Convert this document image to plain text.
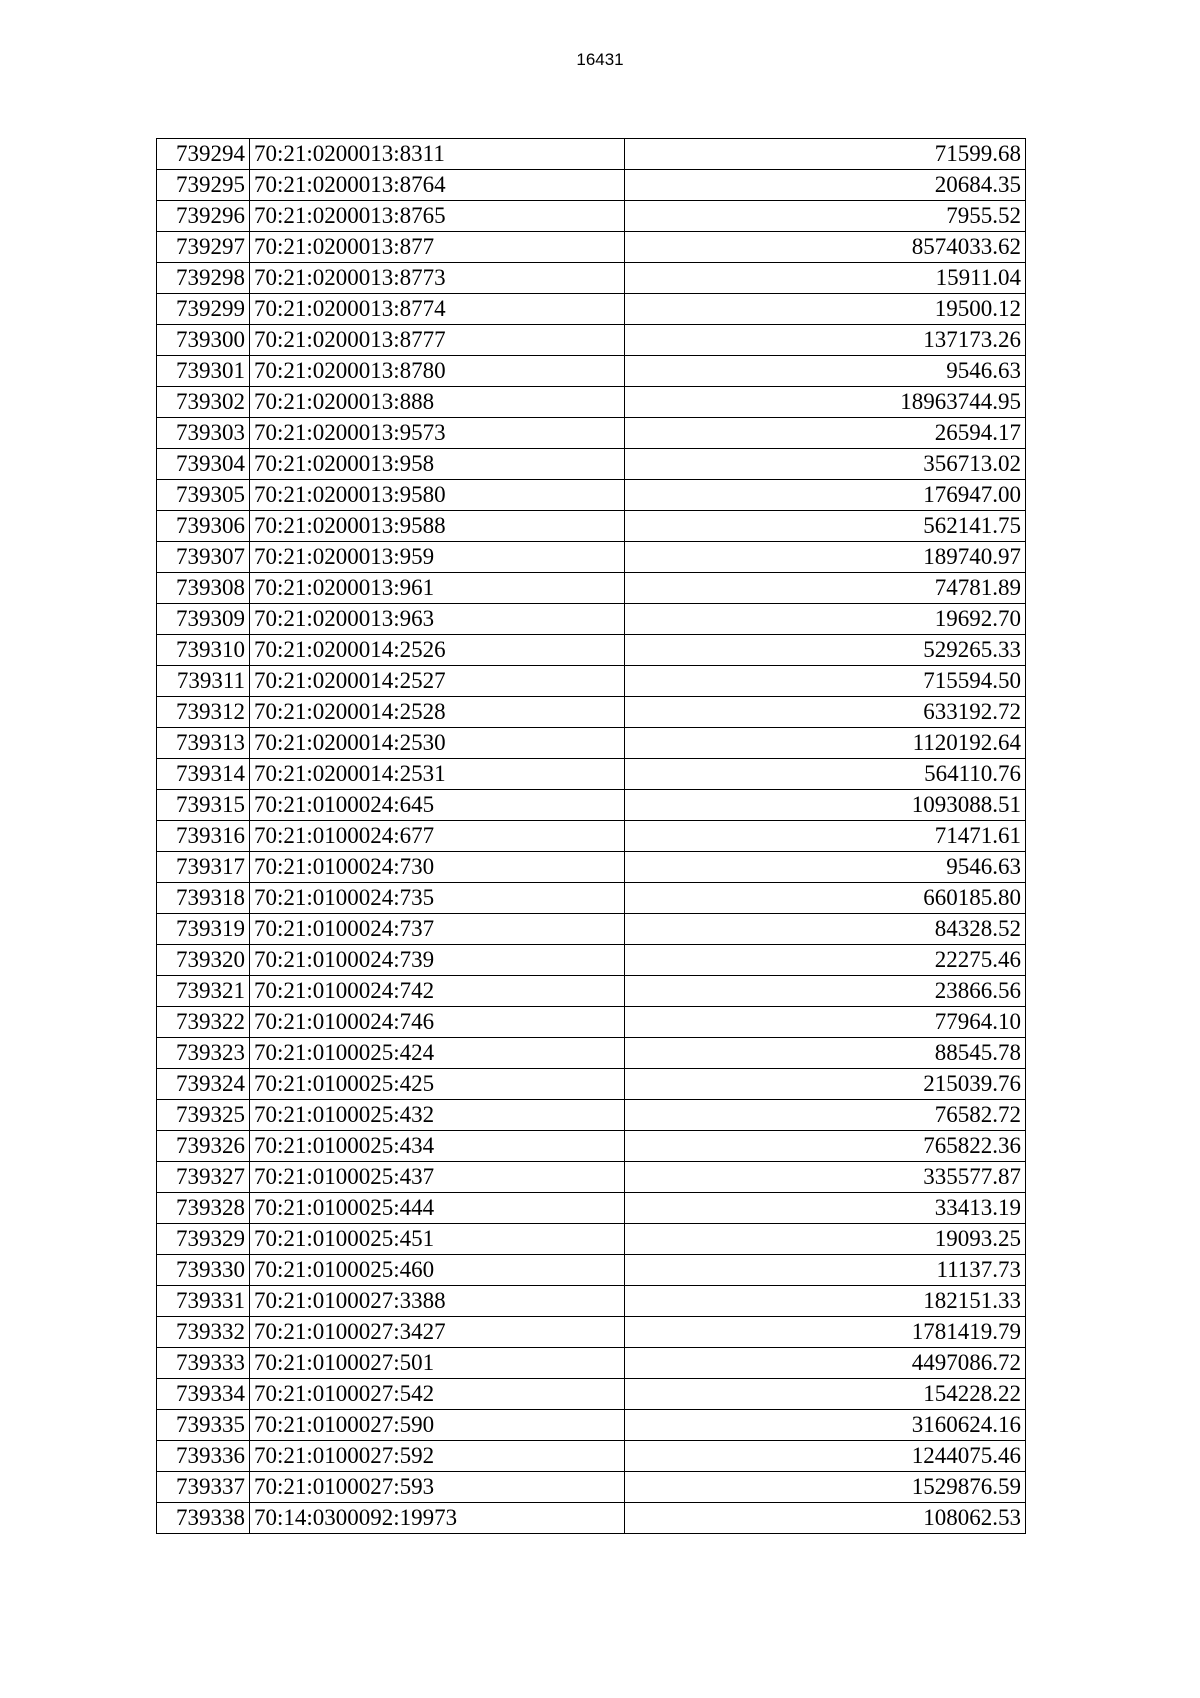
16431
739294	70:21:0200013:8311	71599.68
739295	70:21:0200013:8764	20684.35
739296	70:21:0200013:8765	7955.52
739297	70:21:0200013:877	8574033.62
739298	70:21:0200013:8773	15911.04
739299	70:21:0200013:8774	19500.12
739300	70:21:0200013:8777	137173.26
739301	70:21:0200013:8780	9546.63
739302	70:21:0200013:888	18963744.95
739303	70:21:0200013:9573	26594.17
739304	70:21:0200013:958	356713.02
739305	70:21:0200013:9580	176947.00
739306	70:21:0200013:9588	562141.75
739307	70:21:0200013:959	189740.97
739308	70:21:0200013:961	74781.89
739309	70:21:0200013:963	19692.70
739310	70:21:0200014:2526	529265.33
739311	70:21:0200014:2527	715594.50
739312	70:21:0200014:2528	633192.72
739313	70:21:0200014:2530	1120192.64
739314	70:21:0200014:2531	564110.76
739315	70:21:0100024:645	1093088.51
739316	70:21:0100024:677	71471.61
739317	70:21:0100024:730	9546.63
739318	70:21:0100024:735	660185.80
739319	70:21:0100024:737	84328.52
739320	70:21:0100024:739	22275.46
739321	70:21:0100024:742	23866.56
739322	70:21:0100024:746	77964.10
739323	70:21:0100025:424	88545.78
739324	70:21:0100025:425	215039.76
739325	70:21:0100025:432	76582.72
739326	70:21:0100025:434	765822.36
739327	70:21:0100025:437	335577.87
739328	70:21:0100025:444	33413.19
739329	70:21:0100025:451	19093.25
739330	70:21:0100025:460	11137.73
739331	70:21:0100027:3388	182151.33
739332	70:21:0100027:3427	1781419.79
739333	70:21:0100027:501	4497086.72
739334	70:21:0100027:542	154228.22
739335	70:21:0100027:590	3160624.16
739336	70:21:0100027:592	1244075.46
739337	70:21:0100027:593	1529876.59
739338	70:14:0300092:19973	108062.53
